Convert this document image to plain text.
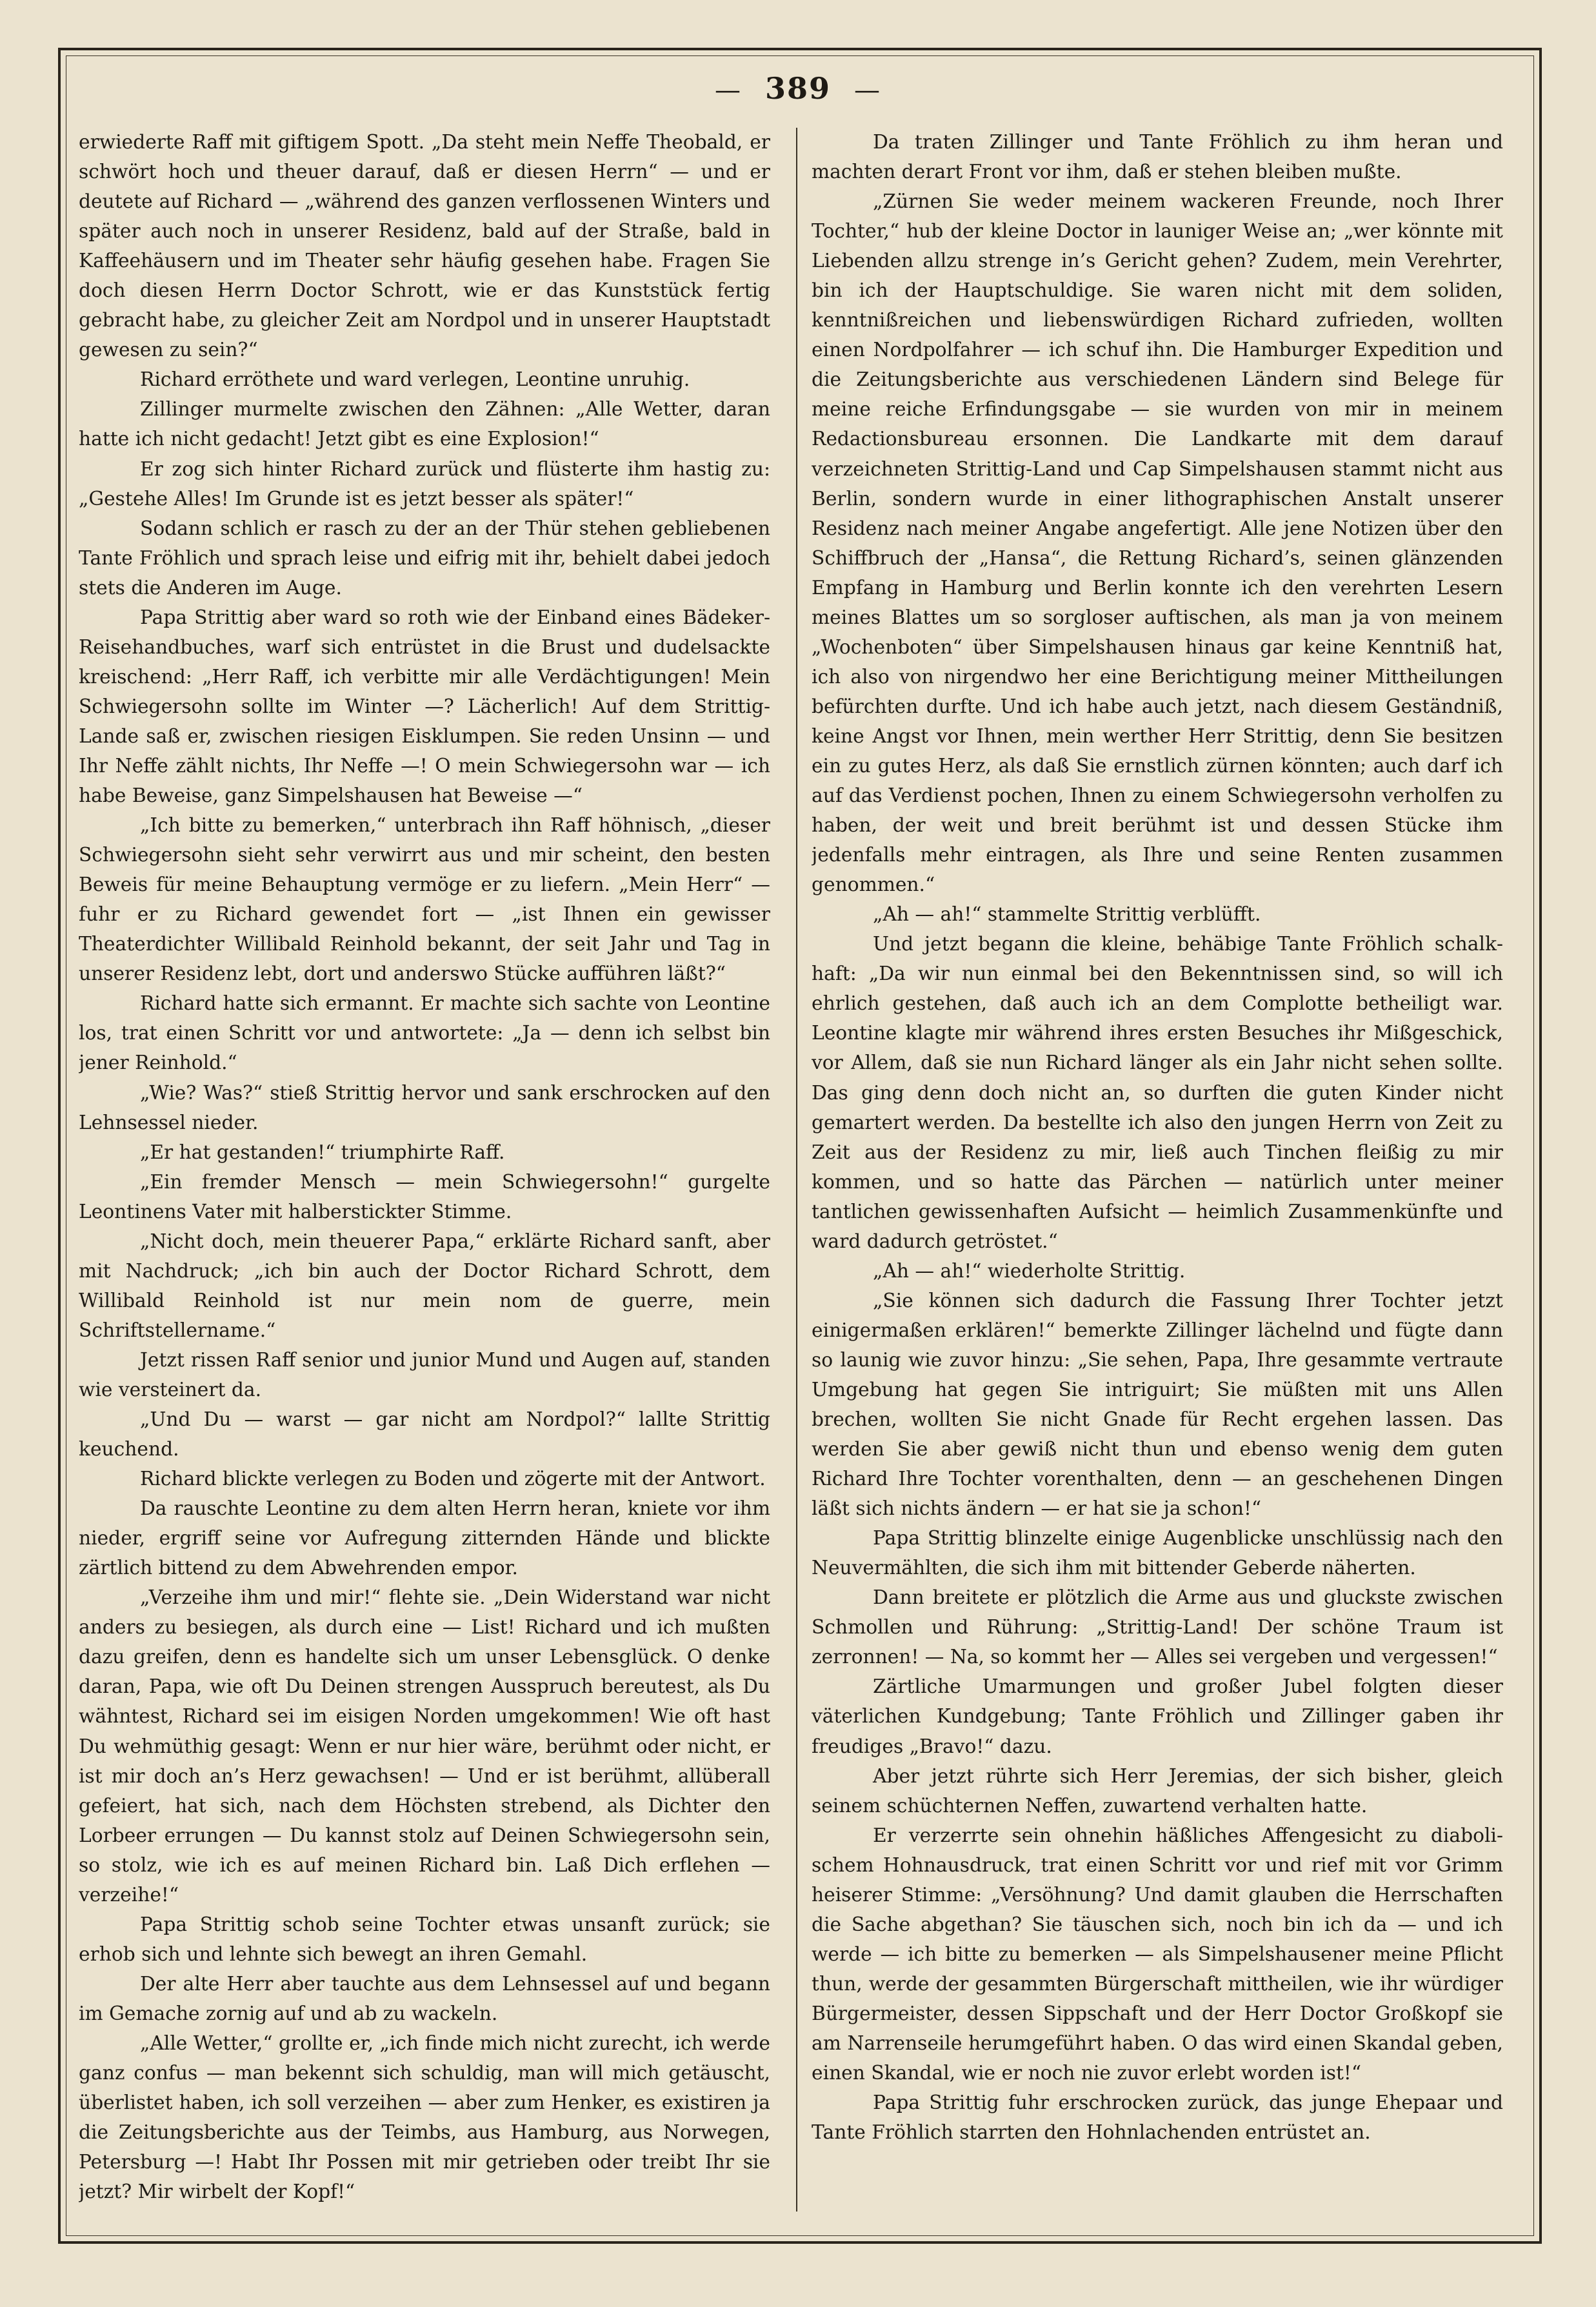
— 389 —

erwiederte Raff mit giftigem Spott. „Da steht mein Neffe Theobald, er schwört hoch und theuer darauf, daß er diesen Herrn“ — und er deutete auf Richard — „während des ganzen verflossenen Winters und später auch noch in unserer Residenz, bald auf der Straße, bald in Kaffeehäusern und im Theater sehr häufig gesehen habe. Fragen Sie doch diesen Herrn Doctor Schrott, wie er das Kunststück fertig gebracht habe, zu gleicher Zeit am Nordpol und in unserer Hauptstadt gewesen zu sein?“

Richard erröthete und ward verlegen, Leontine unruhig.

Zillinger murmelte zwischen den Zähnen: „Alle Wetter, daran hatte ich nicht gedacht! Jetzt gibt es eine Explosion!“

Er zog sich hinter Richard zurück und flüsterte ihm hastig zu: „Gestehe Alles! Im Grunde ist es jetzt besser als später!“

Sodann schlich er rasch zu der an der Thür stehen gebliebenen Tante Fröhlich und sprach leise und eifrig mit ihr, behielt dabei jedoch stets die Anderen im Auge.

Papa Strittig aber ward so roth wie der Einband eines Bädeker-Reisehandbuches, warf sich entrüstet in die Brust und dudelsackte kreischend: „Herr Raff, ich verbitte mir alle Verdächtigungen! Mein Schwiegersohn sollte im Winter —? Lächerlich! Auf dem Strittig-Lande saß er, zwischen riesigen Eisklumpen. Sie reden Unsinn — und Ihr Neffe zählt nichts, Ihr Neffe —! O mein Schwiegersohn war — ich habe Beweise, ganz Simpelshausen hat Beweise —“

„Ich bitte zu bemerken,“ unterbrach ihn Raff höhnisch, „dieser Schwiegersohn sieht sehr verwirrt aus und mir scheint, den besten Beweis für meine Behauptung vermöge er zu liefern. „Mein Herr“ — fuhr er zu Richard gewendet fort — „ist Ihnen ein gewisser Theaterdichter Willibald Reinhold bekannt, der seit Jahr und Tag in unserer Residenz lebt, dort und anderswo Stücke aufführen läßt?“

Richard hatte sich ermannt. Er machte sich sachte von Leontine los, trat einen Schritt vor und antwortete: „Ja — denn ich selbst bin jener Reinhold.“

„Wie? Was?“ stieß Strittig hervor und sank erschrocken auf den Lehnsessel nieder.

„Er hat gestanden!“ triumphirte Raff.

„Ein fremder Mensch — mein Schwiegersohn!“ gurgelte Leontinens Vater mit halberstickter Stimme.

„Nicht doch, mein theuerer Papa,“ erklärte Richard sanft, aber mit Nachdruck; „ich bin auch der Doctor Richard Schrott, dem Willibald Reinhold ist nur mein nom de guerre, mein Schriftstellername.“

Jetzt rissen Raff senior und junior Mund und Augen auf, standen wie versteinert da.

„Und Du — warst — gar nicht am Nordpol?“ lallte Strittig keuchend.

Richard blickte verlegen zu Boden und zögerte mit der Antwort.

Da rauschte Leontine zu dem alten Herrn heran, kniete vor ihm nieder, ergriff seine vor Aufregung zitternden Hände und blickte zärtlich bittend zu dem Abwehrenden empor.

„Verzeihe ihm und mir!“ flehte sie. „Dein Widerstand war nicht anders zu besiegen, als durch eine — List! Richard und ich mußten dazu greifen, denn es handelte sich um unser Lebensglück. O denke daran, Papa, wie oft Du Deinen strengen Ausspruch bereutest, als Du wähntest, Richard sei im eisigen Norden umgekommen! Wie oft hast Du wehmüthig gesagt: Wenn er nur hier wäre, berühmt oder nicht, er ist mir doch an’s Herz gewachsen! — Und er ist berühmt, allüberall gefeiert, hat sich, nach dem Höchsten strebend, als Dichter den Lorbeer errungen — Du kannst stolz auf Deinen Schwiegersohn sein, so stolz, wie ich es auf meinen Richard bin. Laß Dich erflehen — verzeihe!“

Papa Strittig schob seine Tochter etwas unsanft zurück; sie erhob sich und lehnte sich bewegt an ihren Gemahl.

Der alte Herr aber tauchte aus dem Lehnsessel auf und begann im Gemache zornig auf und ab zu wackeln.

„Alle Wetter,“ grollte er, „ich finde mich nicht zurecht, ich werde ganz confus — man bekennt sich schuldig, man will mich getäuscht, überlistet haben, ich soll verzeihen — aber zum Henker, es existiren ja die Zeitungsberichte aus der Teimbs, aus Hamburg, aus Norwegen, Petersburg —! Habt Ihr Possen mit mir getrieben oder treibt Ihr sie jetzt? Mir wirbelt der Kopf!“

Da traten Zillinger und Tante Fröhlich zu ihm heran und machten derart Front vor ihm, daß er stehen bleiben mußte.

„Zürnen Sie weder meinem wackeren Freunde, noch Ihrer Tochter,“ hub der kleine Doctor in launiger Weise an; „wer könnte mit Liebenden allzu strenge in’s Gericht gehen? Zudem, mein Verehrter, bin ich der Hauptschuldige. Sie waren nicht mit dem soliden, kenntnißreichen und liebenswürdigen Richard zufrieden, wollten einen Nordpolfahrer — ich schuf ihn. Die Hamburger Expedition und die Zeitungsberichte aus verschiedenen Ländern sind Belege für meine reiche Erfindungsgabe — sie wurden von mir in meinem Redactionsbureau ersonnen. Die Landkarte mit dem darauf verzeichneten Strittig-Land und Cap Simpelshausen stammt nicht aus Berlin, sondern wurde in einer lithographischen Anstalt unserer Residenz nach meiner Angabe angefertigt. Alle jene Notizen über den Schiffbruch der „Hansa“, die Rettung Richard’s, seinen glänzenden Empfang in Hamburg und Berlin konnte ich den verehrten Lesern meines Blattes um so sorgloser auftischen, als man ja von meinem „Wochenboten“ über Simpelshausen hinaus gar keine Kenntniß hat, ich also von nirgendwo her eine Berichtigung meiner Mittheilungen befürchten durfte. Und ich habe auch jetzt, nach diesem Geständniß, keine Angst vor Ihnen, mein werther Herr Strittig, denn Sie besitzen ein zu gutes Herz, als daß Sie ernstlich zürnen könnten; auch darf ich auf das Verdienst pochen, Ihnen zu einem Schwiegersohn verholfen zu haben, der weit und breit berühmt ist und dessen Stücke ihm jedenfalls mehr eintragen, als Ihre und seine Renten zusammen genommen.“

„Ah — ah!“ stammelte Strittig verblüfft.

Und jetzt begann die kleine, behäbige Tante Fröhlich schalkhaft: „Da wir nun einmal bei den Bekenntnissen sind, so will ich ehrlich gestehen, daß auch ich an dem Complotte betheiligt war. Leontine klagte mir während ihres ersten Besuches ihr Mißgeschick, vor Allem, daß sie nun Richard länger als ein Jahr nicht sehen sollte. Das ging denn doch nicht an, so durften die guten Kinder nicht gemartert werden. Da bestellte ich also den jungen Herrn von Zeit zu Zeit aus der Residenz zu mir, ließ auch Tinchen fleißig zu mir kommen, und so hatte das Pärchen — natürlich unter meiner tantlichen gewissenhaften Aufsicht — heimlich Zusammenkünfte und ward dadurch getröstet.“

„Ah — ah!“ wiederholte Strittig.

„Sie können sich dadurch die Fassung Ihrer Tochter jetzt einigermaßen erklären!“ bemerkte Zillinger lächelnd und fügte dann so launig wie zuvor hinzu: „Sie sehen, Papa, Ihre gesammte vertraute Umgebung hat gegen Sie intriguirt; Sie müßten mit uns Allen brechen, wollten Sie nicht Gnade für Recht ergehen lassen. Das werden Sie aber gewiß nicht thun und ebenso wenig dem guten Richard Ihre Tochter vorenthalten, denn — an geschehenen Dingen läßt sich nichts ändern — er hat sie ja schon!“

Papa Strittig blinzelte einige Augenblicke unschlüssig nach den Neuvermählten, die sich ihm mit bittender Geberde näherten.

Dann breitete er plötzlich die Arme aus und gluckste zwischen Schmollen und Rührung: „Strittig-Land! Der schöne Traum ist zerronnen! — Na, so kommt her — Alles sei vergeben und vergessen!“

Zärtliche Umarmungen und großer Jubel folgten dieser väterlichen Kundgebung; Tante Fröhlich und Zillinger gaben ihr freudiges „Bravo!“ dazu.

Aber jetzt rührte sich Herr Jeremias, der sich bisher, gleich seinem schüchternen Neffen, zuwartend verhalten hatte.

Er verzerrte sein ohnehin häßliches Affengesicht zu diabolischem Hohnausdruck, trat einen Schritt vor und rief mit vor Grimm heiserer Stimme: „Versöhnung? Und damit glauben die Herrschaften die Sache abgethan? Sie täuschen sich, noch bin ich da — und ich werde — ich bitte zu bemerken — als Simpelshausener meine Pflicht thun, werde der gesammten Bürgerschaft mittheilen, wie ihr würdiger Bürgermeister, dessen Sippschaft und der Herr Doctor Großkopf sie am Narrenseile herumgeführt haben. O das wird einen Skandal geben, einen Skandal, wie er noch nie zuvor erlebt worden ist!“

Papa Strittig fuhr erschrocken zurück, das junge Ehepaar und Tante Fröhlich starrten den Hohnlachenden entrüstet an.
